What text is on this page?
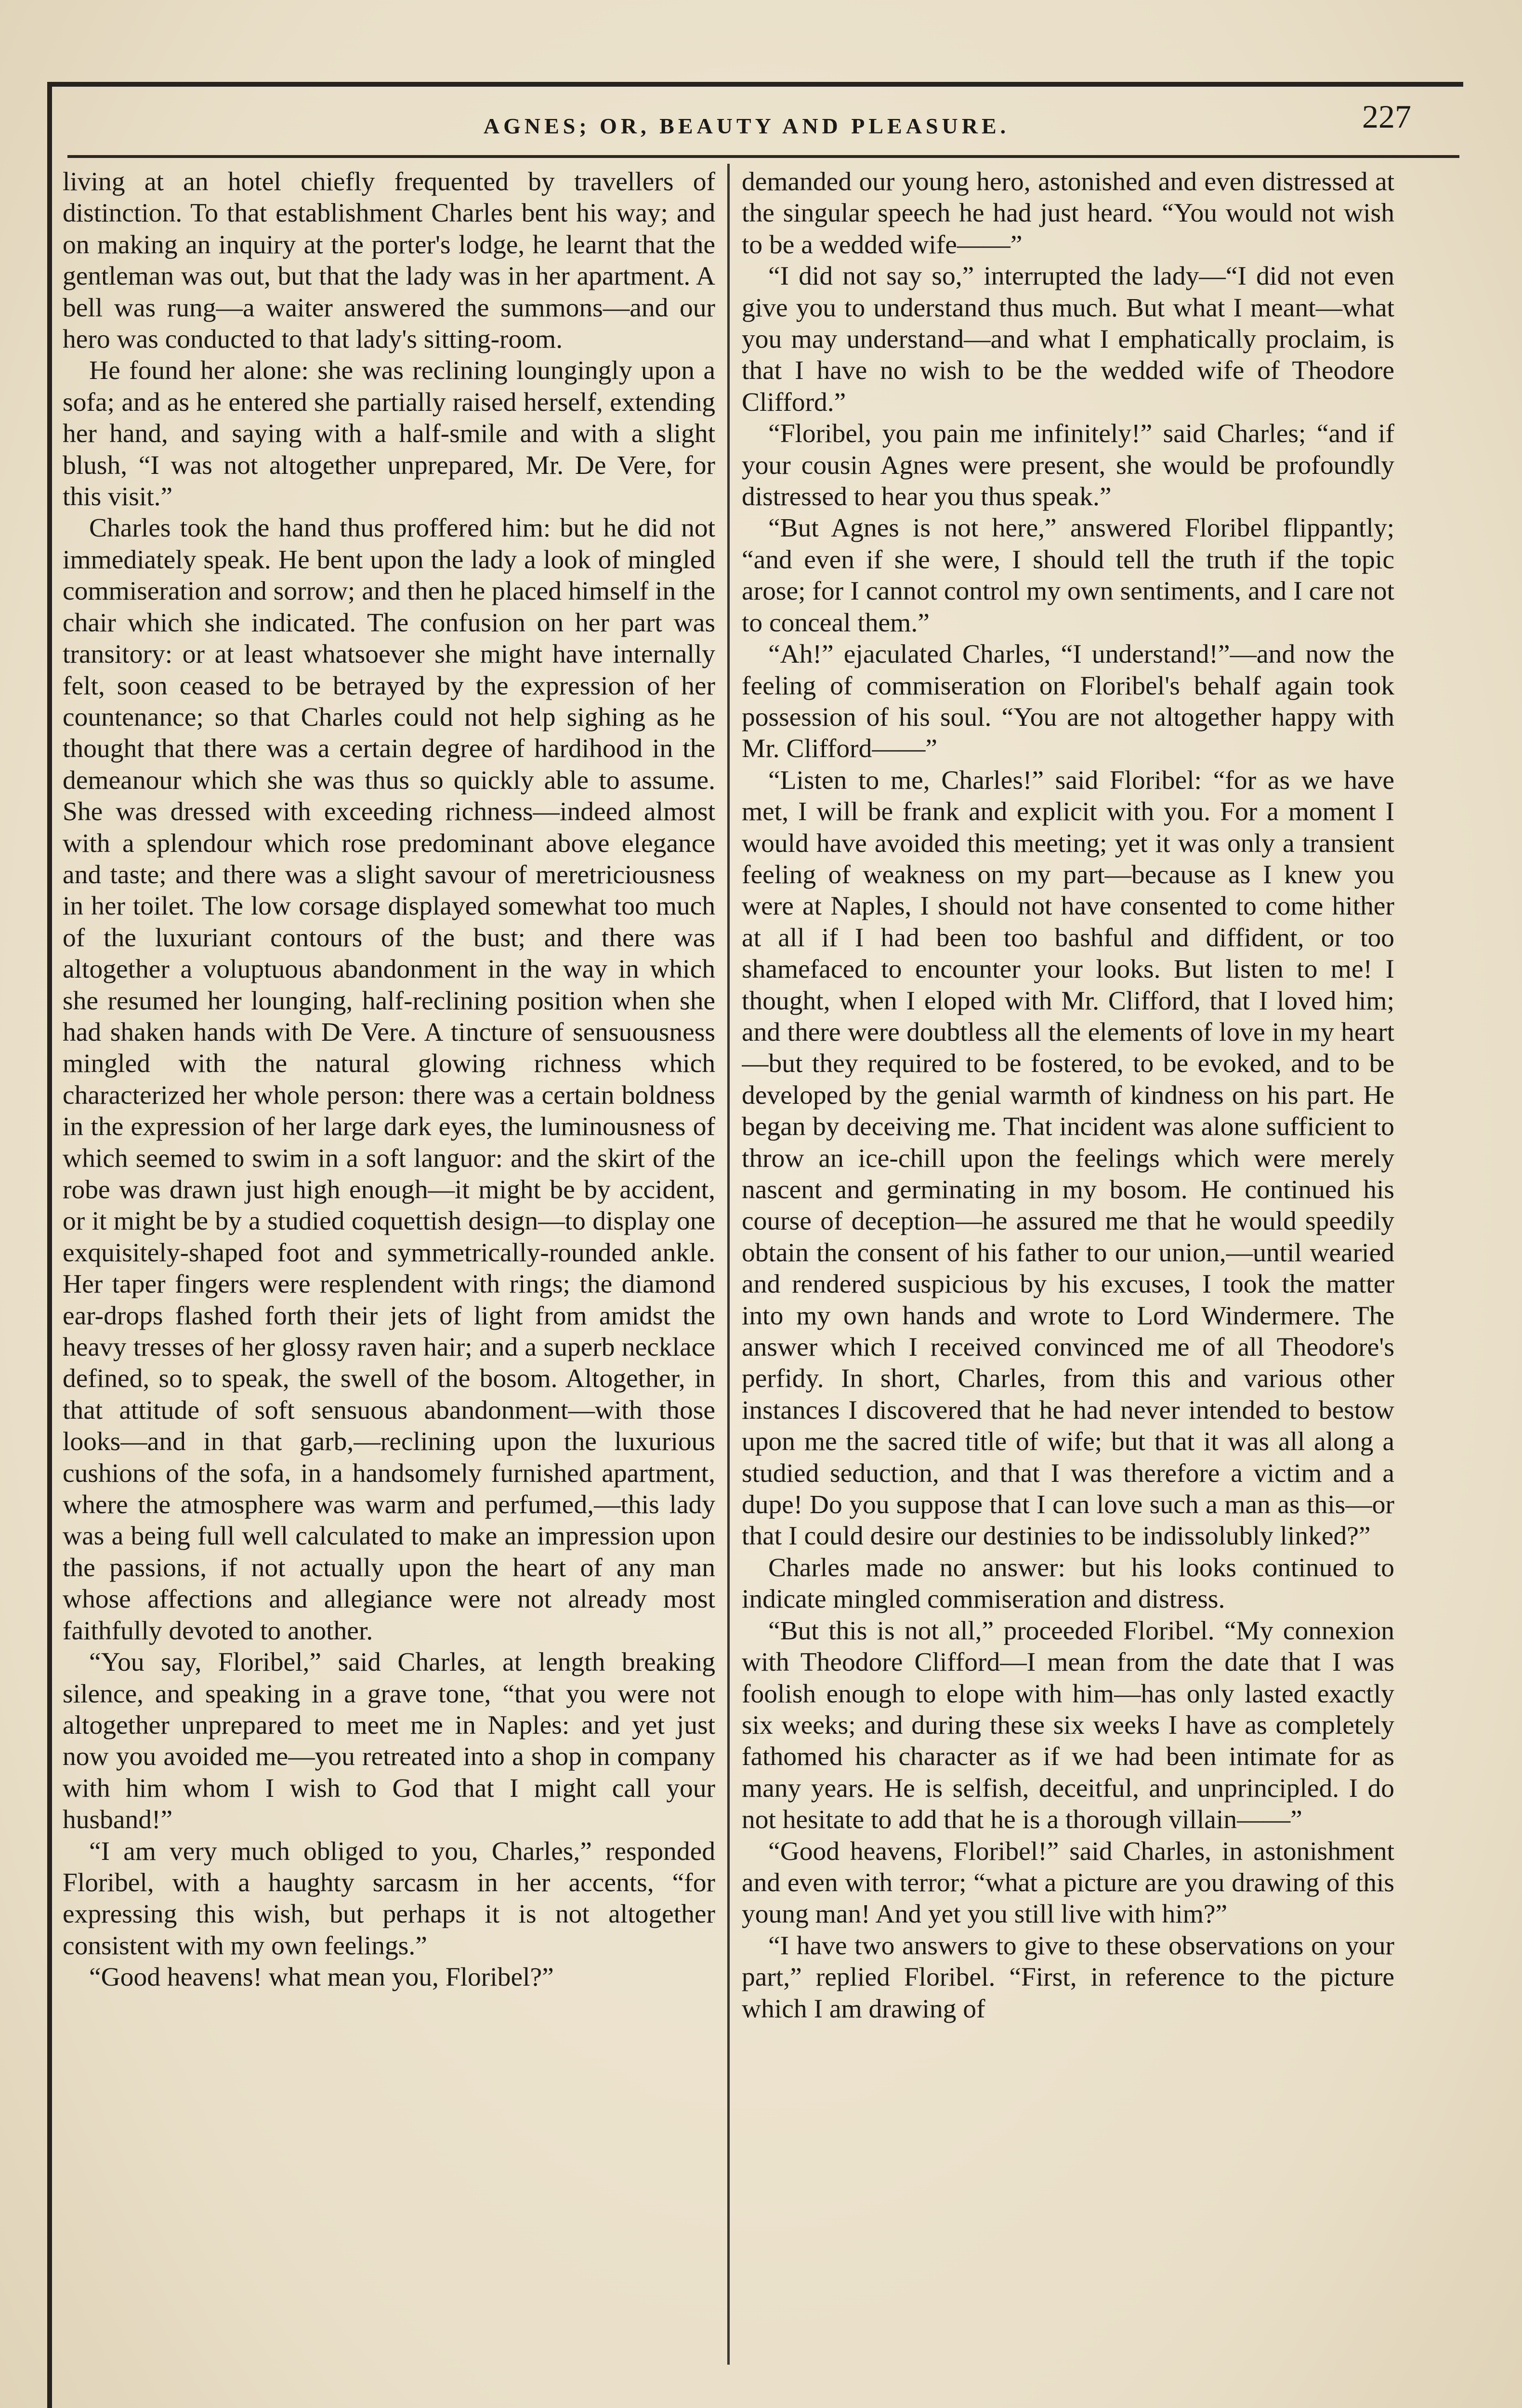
AGNES; OR, BEAUTY AND PLEASURE.	227

living at an hotel chiefly frequented by travellers of distinction. To that establishment Charles bent his way; and on making an inquiry at the porter's lodge, he learnt that the gentleman was out, but that the lady was in her apartment. A bell was rung—a waiter answered the summons—and our hero was conducted to that lady's sitting-room.

He found her alone: she was reclining loungingly upon a sofa; and as he entered she partially raised herself, extending her hand, and saying with a half-smile and with a slight blush, “I was not altogether unprepared, Mr. De Vere, for this visit.”

Charles took the hand thus proffered him: but he did not immediately speak. He bent upon the lady a look of mingled commiseration and sorrow; and then he placed himself in the chair which she indicated. The confusion on her part was transitory: or at least whatsoever she might have internally felt, soon ceased to be betrayed by the expression of her countenance; so that Charles could not help sighing as he thought that there was a certain degree of hardihood in the demeanour which she was thus so quickly able to assume. She was dressed with exceeding richness—indeed almost with a splendour which rose predominant above elegance and taste; and there was a slight savour of meretriciousness in her toilet. The low corsage displayed somewhat too much of the luxuriant contours of the bust; and there was altogether a voluptuous abandonment in the way in which she resumed her lounging, half-reclining position when she had shaken hands with De Vere. A tincture of sensuousness mingled with the natural glowing richness which characterized her whole person: there was a certain boldness in the expression of her large dark eyes, the luminousness of which seemed to swim in a soft languor: and the skirt of the robe was drawn just high enough—it might be by accident, or it might be by a studied coquettish design—to display one exquisitely-shaped foot and symmetrically-rounded ankle. Her taper fingers were resplendent with rings; the diamond ear-drops flashed forth their jets of light from amidst the heavy tresses of her glossy raven hair; and a superb necklace defined, so to speak, the swell of the bosom. Altogether, in that attitude of soft sensuous abandonment—with those looks—and in that garb,—reclining upon the luxurious cushions of the sofa, in a handsomely furnished apartment, where the atmosphere was warm and perfumed,—this lady was a being full well calculated to make an impression upon the passions, if not actually upon the heart of any man whose affections and allegiance were not already most faithfully devoted to another.

“You say, Floribel,” said Charles, at length breaking silence, and speaking in a grave tone, “that you were not altogether unprepared to meet me in Naples: and yet just now you avoided me—you retreated into a shop in company with him whom I wish to God that I might call your husband!”

“I am very much obliged to you, Charles,” responded Floribel, with a haughty sarcasm in her accents, “for expressing this wish, but perhaps it is not altogether consistent with my own feelings.”

“Good heavens! what mean you, Floribel?”

demanded our young hero, astonished and even distressed at the singular speech he had just heard. “You would not wish to be a wedded wife——”

“I did not say so,” interrupted the lady—“I did not even give you to understand thus much. But what I meant—what you may understand—and what I emphatically proclaim, is that I have no wish to be the wedded wife of Theodore Clifford.”

“Floribel, you pain me infinitely!” said Charles; “and if your cousin Agnes were present, she would be profoundly distressed to hear you thus speak.”

“But Agnes is not here,” answered Floribel flippantly; “and even if she were, I should tell the truth if the topic arose; for I cannot control my own sentiments, and I care not to conceal them.”

“Ah!” ejaculated Charles, “I understand!”—and now the feeling of commiseration on Floribel's behalf again took possession of his soul. “You are not altogether happy with Mr. Clifford——”

“Listen to me, Charles!” said Floribel: “for as we have met, I will be frank and explicit with you. For a moment I would have avoided this meeting; yet it was only a transient feeling of weakness on my part—because as I knew you were at Naples, I should not have consented to come hither at all if I had been too bashful and diffident, or too shamefaced to encounter your looks. But listen to me! I thought, when I eloped with Mr. Clifford, that I loved him; and there were doubtless all the elements of love in my heart—but they required to be fostered, to be evoked, and to be developed by the genial warmth of kindness on his part. He began by deceiving me. That incident was alone sufficient to throw an ice-chill upon the feelings which were merely nascent and germinating in my bosom. He continued his course of deception—he assured me that he would speedily obtain the consent of his father to our union,—until wearied and rendered suspicious by his excuses, I took the matter into my own hands and wrote to Lord Windermere. The answer which I received convinced me of all Theodore's perfidy. In short, Charles, from this and various other instances I discovered that he had never intended to bestow upon me the sacred title of wife; but that it was all along a studied seduction, and that I was therefore a victim and a dupe! Do you suppose that I can love such a man as this—or that I could desire our destinies to be indissolubly linked?”

Charles made no answer: but his looks continued to indicate mingled commiseration and distress.

“But this is not all,” proceeded Floribel. “My connexion with Theodore Clifford—I mean from the date that I was foolish enough to elope with him—has only lasted exactly six weeks; and during these six weeks I have as completely fathomed his character as if we had been intimate for as many years. He is selfish, deceitful, and unprincipled. I do not hesitate to add that he is a thorough villain——”

“Good heavens, Floribel!” said Charles, in astonishment and even with terror; “what a picture are you drawing of this young man! And yet you still live with him?”

“I have two answers to give to these observations on your part,” replied Floribel. “First, in reference to the picture which I am drawing of
